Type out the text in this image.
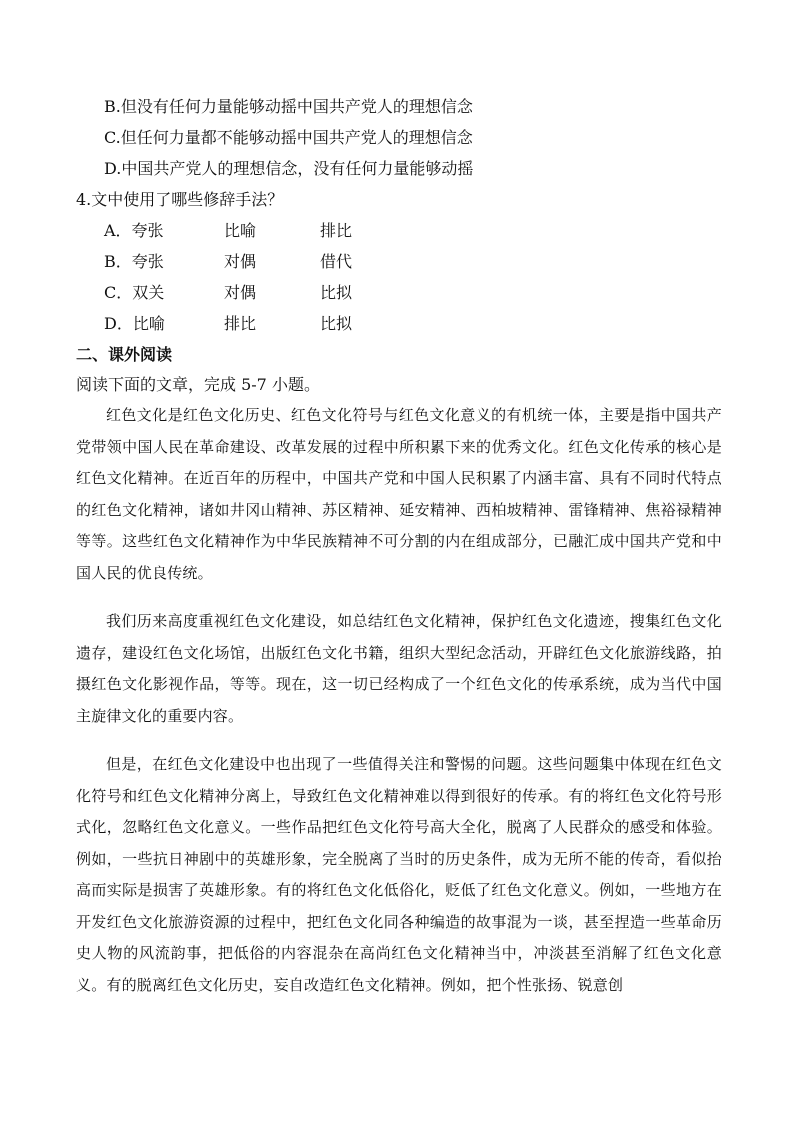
B.但没有任何力量能够动摇中国共产党人的理想信念
C.但任何力量都不能够动摇中国共产党人的理想信念
D.中国共产党人的理想信念，没有任何力量能够动摇
4.文中使用了哪些修辞手法？
A．夸张	比喻	排比
B．夸张	对偶	借代
C．双关	对偶	比拟
D．比喻	排比	比拟
二、课外阅读
阅读下面的文章，完成 5-7 小题。
红色文化是红色文化历史、红色文化符号与红色文化意义的有机统一体，主要是指中国共产党带领中国人民在革命建设、改革发展的过程中所积累下来的优秀文化。红色文化传承的核心是红色文化精神。在近百年的历程中，中国共产党和中国人民积累了内涵丰富、具有不同时代特点的红色文化精神，诸如井冈山精神、苏区精神、延安精神、西柏坡精神、雷锋精神、焦裕禄精神等等。这些红色文化精神作为中华民族精神不可分割的内在组成部分，已融汇成中国共产党和中国人民的优良传统。
我们历来高度重视红色文化建设，如总结红色文化精神，保护红色文化遗迹，搜集红色文化遗存，建设红色文化场馆，出版红色文化书籍，组织大型纪念活动，开辟红色文化旅游线路，拍摄红色文化影视作品，等等。现在，这一切已经构成了一个红色文化的传承系统，成为当代中国主旋律文化的重要内容。
但是，在红色文化建设中也出现了一些值得关注和警惕的问题。这些问题集中体现在红色文化符号和红色文化精神分离上，导致红色文化精神难以得到很好的传承。有的将红色文化符号形式化，忽略红色文化意义。一些作品把红色文化符号高大全化，脱离了人民群众的感受和体验。例如，一些抗日神剧中的英雄形象，完全脱离了当时的历史条件，成为无所不能的传奇，看似抬高而实际是损害了英雄形象。有的将红色文化低俗化，贬低了红色文化意义。例如，一些地方在开发红色文化旅游资源的过程中，把红色文化同各种编造的故事混为一谈，甚至捏造一些革命历史人物的风流韵事，把低俗的内容混杂在高尚红色文化精神当中，冲淡甚至消解了红色文化意义。有的脱离红色文化历史，妄自改造红色文化精神。例如，把个性张扬、锐意创
